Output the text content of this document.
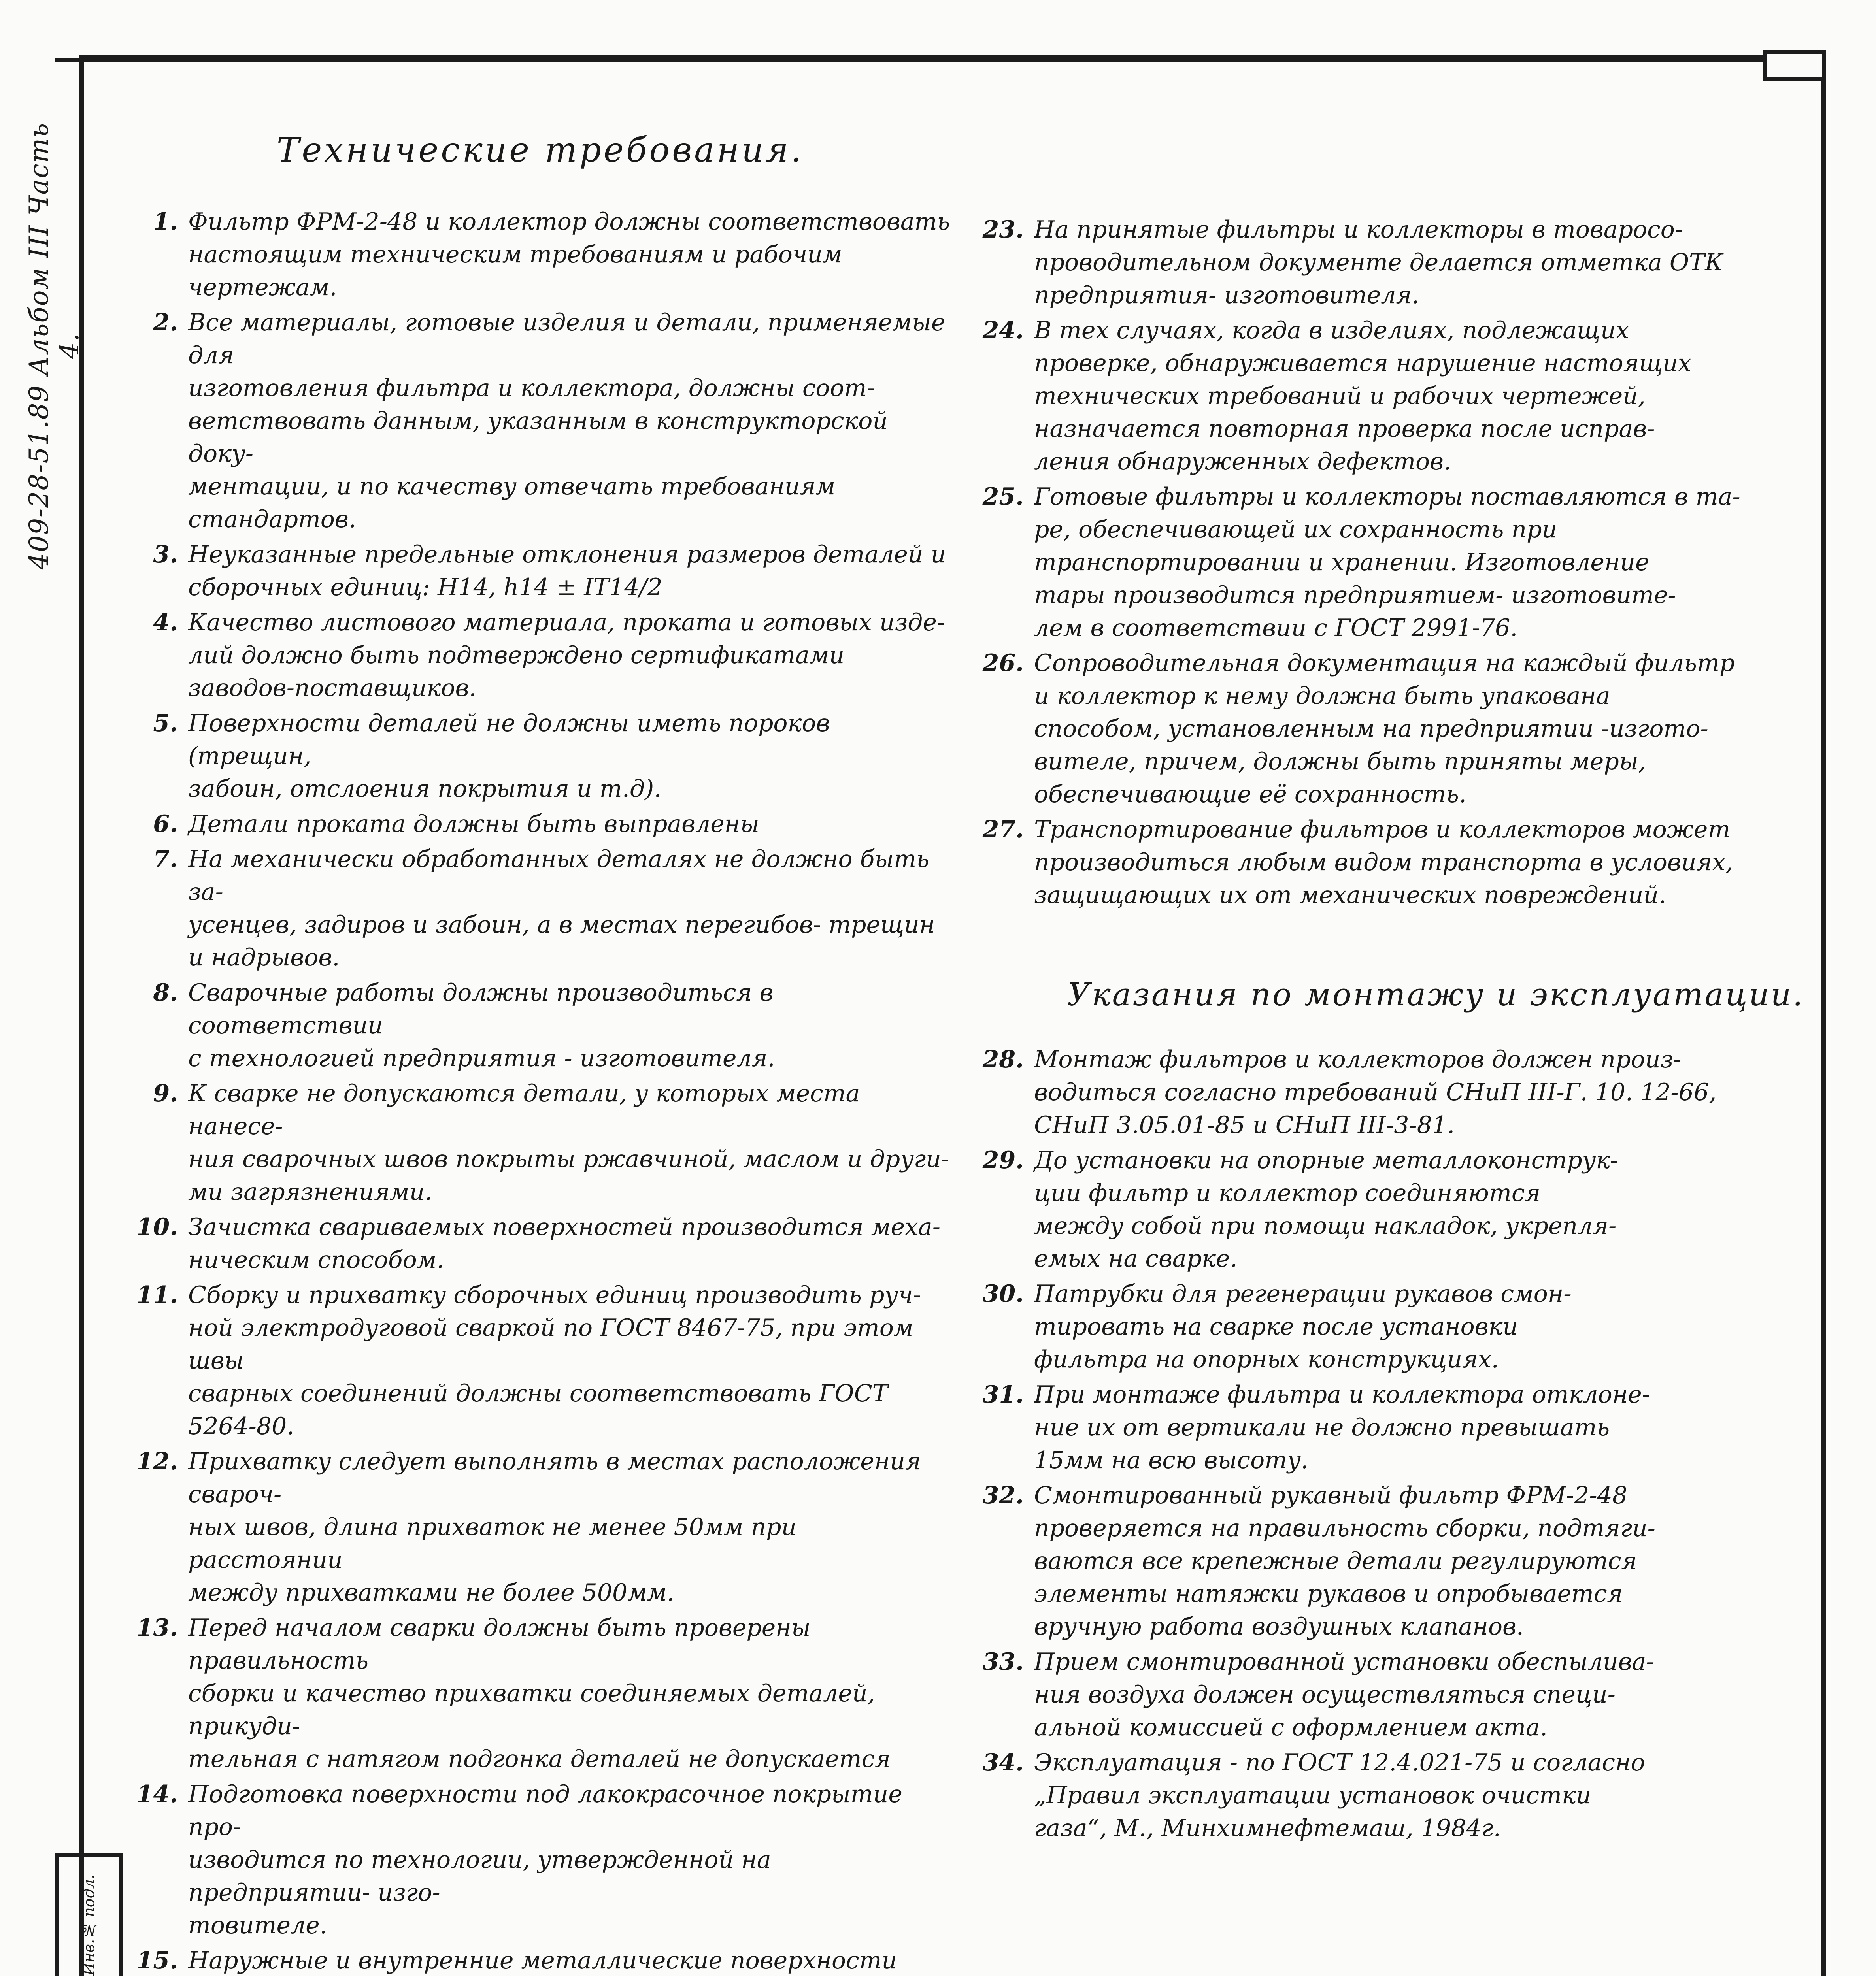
409-28-51.89 Альбом III Часть 4.
Технические требования.
1. Фильтр ФРМ-2-48 и коллектор должны соответствовать
настоящим техническим требованиям и рабочим чертежам.
2. Все материалы, готовые изделия и детали, применяемые для
изготовления фильтра и коллектора, должны соот-
ветствовать данным, указанным в конструкторской доку-
ментации, и по качеству отвечать требованиям стандартов.
3. Неуказанные предельные отклонения размеров деталей и
сборочных единиц: Н14, h14 ± IT14/2
4. Качество листового материала, проката и готовых изде-
лий должно быть подтверждено сертификатами заводов-поставщиков.
5. Поверхности деталей не должны иметь пороков (трещин,
забоин, отслоения покрытия и т.д).
6. Детали проката должны быть выправлены
7. На механически обработанных деталях не должно быть за-
усенцев, задиров и забоин, а в местах перегибов- трещин
и надрывов.
8. Сварочные работы должны производиться в соответствии
с технологией предприятия - изготовителя.
9. К сварке не допускаются детали, у которых места нанесе-
ния сварочных швов покрыты ржавчиной, маслом и други-
ми загрязнениями.
10. Зачистка свариваемых поверхностей производится меха-
ническим способом.
11. Сборку и прихватку сборочных единиц производить руч-
ной электродуговой сваркой по ГОСТ 8467-75, при этом швы
сварных соединений должны соответствовать ГОСТ 5264-80.
12. Прихватку следует выполнять в местах расположения свароч-
ных швов, длина прихваток не менее 50мм при расстоянии
между прихватками не более 500мм.
13. Перед началом сварки должны быть проверены правильность
сборки и качество прихватки соединяемых деталей, прикуди-
тельная с натягом подгонка деталей не допускается
14. Подготовка поверхности под лакокрасочное покрытие про-
изводится по технологии, утвержденной на предприятии- изго-
товителе.
15. Наружные и внутренние металлические поверхности
23. На принятые фильтры и коллекторы в товаросо-
проводительном документе делается отметка ОТК
предприятия- изготовителя.
24. В тех случаях, когда в изделиях, подлежащих
проверке, обнаруживается нарушение настоящих
технических требований и рабочих чертежей,
назначается повторная проверка после исправ-
ления обнаруженных дефектов.
25. Готовые фильтры и коллекторы поставляются в та-
ре, обеспечивающей их сохранность при
транспортировании и хранении. Изготовление
тары производится предприятием- изготовите-
лем в соответствии с ГОСТ 2991-76.
26. Сопроводительная документация на каждый фильтр
и коллектор к нему должна быть упакована
способом, установленным на предприятии -изгото-
вителе, причем, должны быть приняты меры,
обеспечивающие её сохранность.
27. Транспортирование фильтров и коллекторов может
производиться любым видом транспорта в условиях,
защищающих их от механических повреждений.
Указания по монтажу и эксплуатации.
28. Монтаж фильтров и коллекторов должен произ-
водиться согласно требований СНиП III-Г. 10. 12-66,
СНиП 3.05.01-85 и СНиП III-3-81.
29. До установки на опорные металлоконструк-
ции фильтр и коллектор соединяются
между собой при помощи накладок, укрепля-
емых на сварке.
30. Патрубки для регенерации рукавов смон-
тировать на сварке после установки
фильтра на опорных конструкциях.
31. При монтаже фильтра и коллектора отклоне-
ние их от вертикали не должно превышать
15мм на всю высоту.
32. Смонтированный рукавный фильтр ФРМ-2-48
проверяется на правильность сборки, подтяги-
ваются все крепежные детали регулируются
элементы натяжки рукавов и опробывается
вручную работа воздушных клапанов.
33. Прием смонтированной установки обеспылива-
ния воздуха должен осуществляться специ-
альной комиссией с оформлением акта.
34. Эксплуатация - по ГОСТ 12.4.021-75 и согласно
„Правил эксплуатации установок очистки
газа“, М., Минхимнефтемаш, 1984г.
Инв.№ подл.
